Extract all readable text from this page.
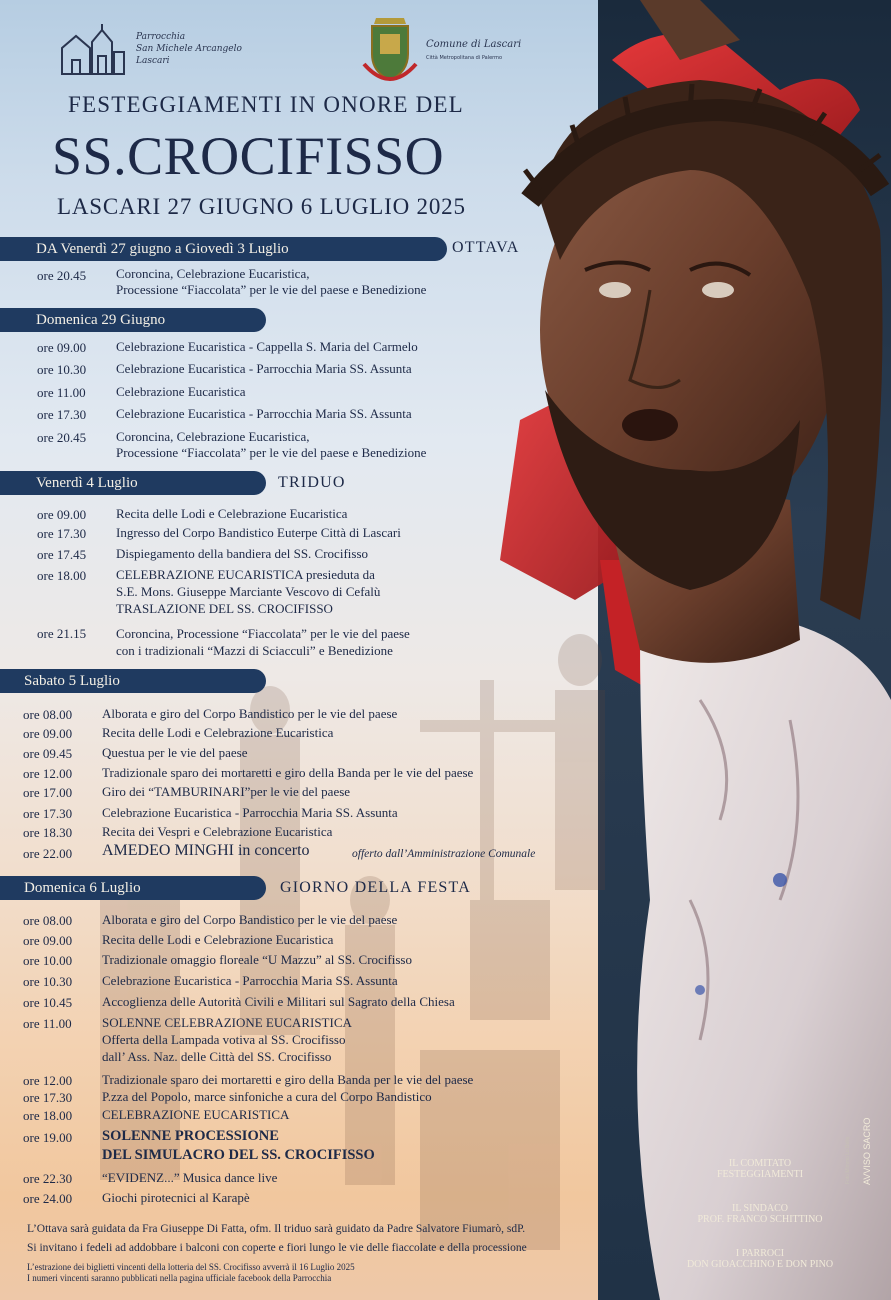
Parrocchia
San Michele Arcangelo
Lascari
Comune di Lascari
Città Metropolitana di Palermo
FESTEGGIAMENTI IN ONORE DEL
SS.CROCIFISSO
LASCARI 27 GIUGNO 6 LUGLIO 2025
DA Venerdì 27 giugno a Giovedì 3 Luglio	OTTAVA
ore 20.45 Coroncina, Celebrazione Eucaristica,
Processione “Fiaccolata” per le vie del paese e Benedizione
Domenica 29 Giugno
ore 09.00 Celebrazione Eucaristica - Cappella S. Maria del Carmelo
ore 10.30 Celebrazione Eucaristica - Parrocchia Maria SS. Assunta
ore 11.00 Celebrazione Eucaristica
ore 17.30 Celebrazione Eucaristica - Parrocchia Maria SS. Assunta
ore 20.45 Coroncina, Celebrazione Eucaristica,
Processione “Fiaccolata” per le vie del paese e Benedizione
Venerdì 4 Luglio	TRIDUO
ore 09.00 Recita delle Lodi e Celebrazione Eucaristica
ore 17.30 Ingresso del Corpo Bandistico Euterpe Città di Lascari
ore 17.45 Dispiegamento della bandiera del SS. Crocifisso
ore 18.00 CELEBRAZIONE EUCARISTICA presieduta da
S.E. Mons. Giuseppe Marciante Vescovo di Cefalù
TRASLAZIONE DEL SS. CROCIFISSO
ore 21.15 Coroncina, Processione “Fiaccolata” per le vie del paese
con i tradizionali “Mazzi di Sciacculi” e Benedizione
Sabato 5 Luglio
ore 08.00 Alborata e giro del Corpo Bandistico per le vie del paese
ore 09.00 Recita delle Lodi e Celebrazione Eucaristica
ore 09.45 Questua per le vie del paese
ore 12.00 Tradizionale sparo dei mortaretti e giro della Banda per le vie del paese
ore 17.00 Giro dei “TAMBURINARI”per le vie del paese
ore 17.30 Celebrazione Eucaristica - Parrocchia Maria SS. Assunta
ore 18.30 Recita dei Vespri e Celebrazione Eucaristica
ore 22.00 AMEDEO MINGHI in concerto	offerto dall’Amministrazione Comunale
Domenica 6 Luglio	GIORNO DELLA FESTA
ore 08.00 Alborata e giro del Corpo Bandistico per le vie del paese
ore 09.00 Recita delle Lodi e Celebrazione Eucaristica
ore 10.00 Tradizionale omaggio floreale “U Mazzu” al SS. Crocifisso
ore 10.30 Celebrazione Eucaristica - Parrocchia Maria SS. Assunta
ore 10.45 Accoglienza delle Autorità Civili e Militari sul Sagrato della Chiesa
ore 11.00 SOLENNE CELEBRAZIONE EUCARISTICA
Offerta della Lampada votiva al SS. Crocifisso
dall’ Ass. Naz. delle Città del SS. Crocifisso
ore 12.00 Tradizionale sparo dei mortaretti e giro della Banda per le vie del paese
ore 17.30 P.zza del Popolo, marce sinfoniche a cura del Corpo Bandistico
ore 18.00 CELEBRAZIONE EUCARISTICA
ore 19.00 SOLENNE PROCESSIONE
DEL SIMULACRO DEL SS. CROCIFISSO
ore 22.30 “EVIDENZ...” Musica dance live
ore 24.00 Giochi pirotecnici al Karapè
L’Ottava sarà guidata da Fra Giuseppe Di Fatta, ofm. Il triduo sarà guidato da Padre Salvatore Fiumarò, sdP.
Si invitano i fedeli ad addobbare i balconi con coperte e fiori lungo le vie delle fiaccolate e della processione
L’estrazione dei biglietti vincenti della lotteria del SS. Crocifisso avverrà il 16 Luglio 2025
I numeri vincenti saranno pubblicati nella pagina ufficiale facebook della Parrocchia
IL COMITATO
FESTEGGIAMENTI
IL SINDACO
PROF. FRANCO SCHITTINO
I PARROCI
DON GIOACCHINO E DON PINO
AVVISO SACRO
Foto Mimmo Lo Bello
